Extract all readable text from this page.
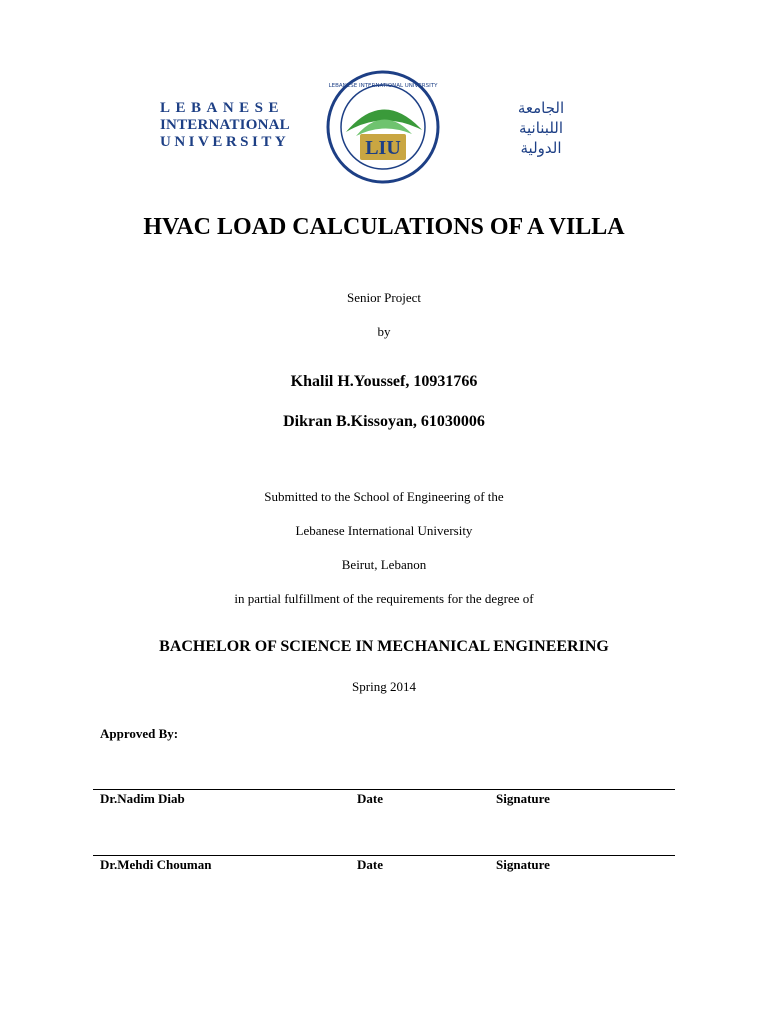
LEBANESE
INTERNATIONAL
UNIVERSITY	LIU
LEBANESE INTERNATIONAL UNIVERSITY
الجامعة
اللبنانية
الدولية
HVAC LOAD CALCULATIONS OF A VILLA
Senior Project
by
Khalil H.Youssef, 10931766
Dikran B.Kissoyan, 61030006
Submitted to the School of Engineering of the
Lebanese International University
Beirut, Lebanon
in partial fulfillment of the requirements for the degree of
BACHELOR OF SCIENCE IN MECHANICAL ENGINEERING
Spring 2014
Approved By:
Dr.Nadim Diab	Date	Signature
Dr.Mehdi Chouman	Date	Signature
